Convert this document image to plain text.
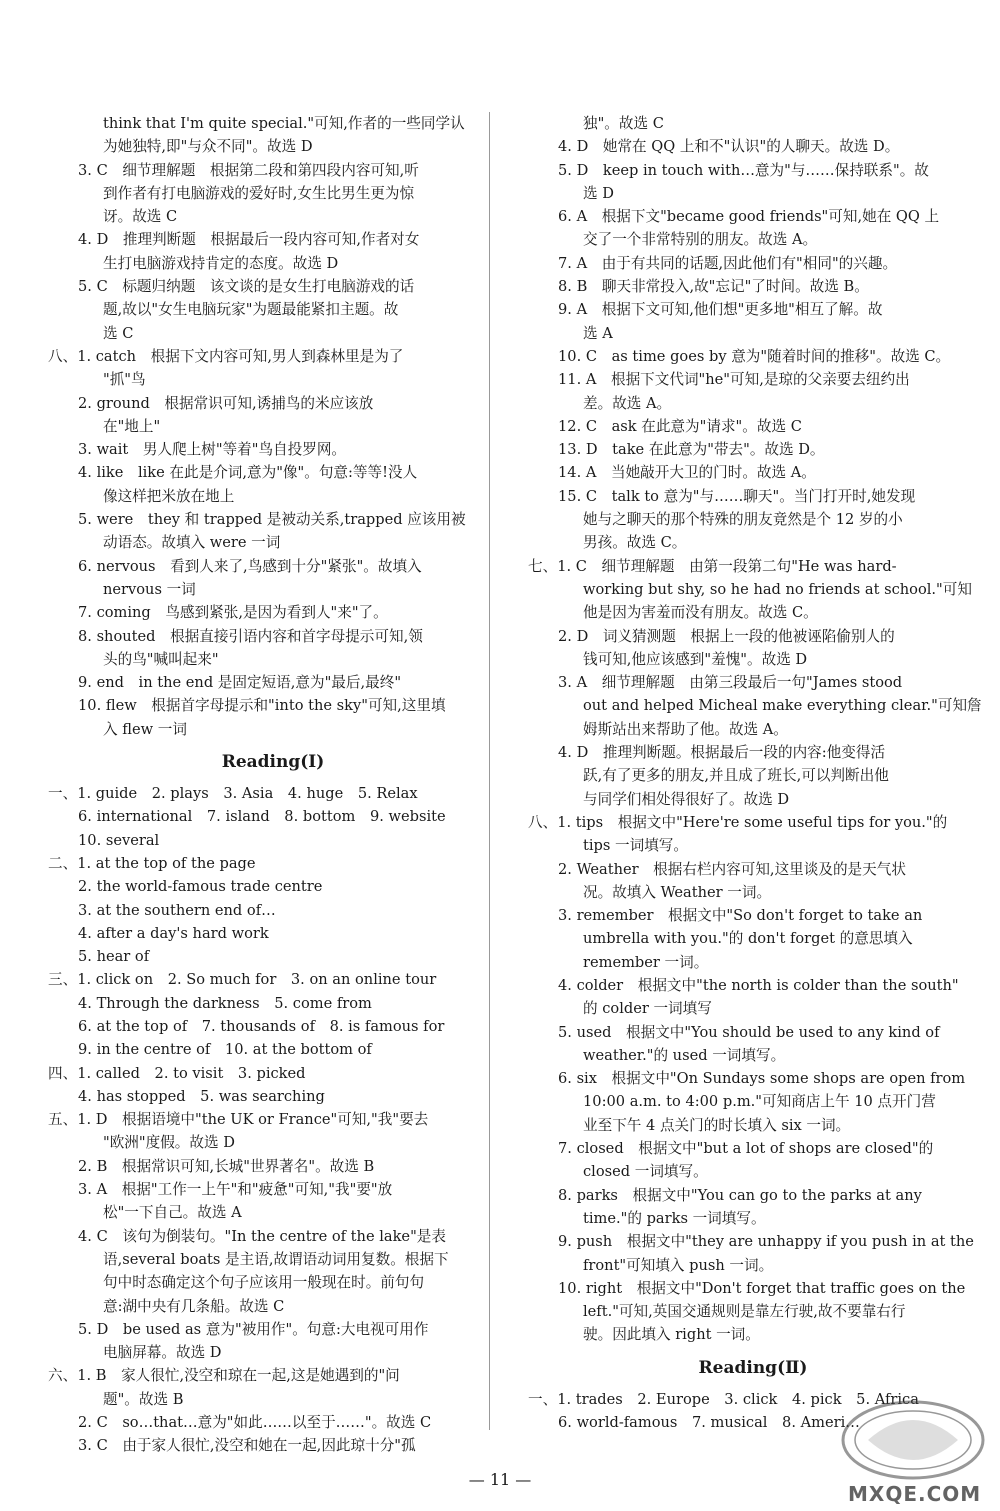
think that I'm quite special."可知,作者的一些同学认
为她独特,即"与众不同"。故选 D
3. C　细节理解题　根据第二段和第四段内容可知,听
到作者有打电脑游戏的爱好时,女生比男生更为惊
讶。故选 C
4. D　推理判断题　根据最后一段内容可知,作者对女
生打电脑游戏持肯定的态度。故选 D
5. C　标题归纳题　该文谈的是女生打电脑游戏的话
题,故以"女生电脑玩家"为题最能紧扣主题。故
选 C
八、1. catch　根据下文内容可知,男人到森林里是为了
"抓"鸟
2. ground　根据常识可知,诱捕鸟的米应该放
在"地上"
3. wait　男人爬上树"等着"鸟自投罗网。
4. like　like 在此是介词,意为"像"。句意:等等!没人
像这样把米放在地上
5. were　they 和 trapped 是被动关系,trapped 应该用被
动语态。故填入 were 一词
6. nervous　看到人来了,鸟感到十分"紧张"。故填入
nervous 一词
7. coming　鸟感到紧张,是因为看到人"来"了。
8. shouted　根据直接引语内容和首字母提示可知,领
头的鸟"喊叫起来"
9. end　in the end 是固定短语,意为"最后,最终"
10. flew　根据首字母提示和"into the sky"可知,这里填
入 flew 一词
Reading(Ⅰ)
一、1. guide　2. plays　3. Asia　4. huge　5. Relax
6. international　7. island　8. bottom　9. website
10. several
二、1. at the top of the page
2. the world-famous trade centre
3. at the southern end of…
4. after a day's hard work
5. hear of
三、1. click on　2. So much for　3. on an online tour
4. Through the darkness　5. come from
6. at the top of　7. thousands of　8. is famous for
9. in the centre of　10. at the bottom of
四、1. called　2. to visit　3. picked
4. has stopped　5. was searching
五、1. D　根据语境中"the UK or France"可知,"我"要去
"欧洲"度假。故选 D
2. B　根据常识可知,长城"世界著名"。故选 B
3. A　根据"工作一上午"和"疲惫"可知,"我"要"放
松"一下自己。故选 A
4. C　该句为倒装句。"In the centre of the lake"是表
语,several boats 是主语,故谓语动词用复数。根据下
句中时态确定这个句子应该用一般现在时。前句句
意:湖中央有几条船。故选 C
5. D　be used as 意为"被用作"。句意:大电视可用作
电脑屏幕。故选 D
六、1. B　家人很忙,没空和琼在一起,这是她遇到的"问
题"。故选 B
2. C　so…that…意为"如此……以至于……"。故选 C
3. C　由于家人很忙,没空和她在一起,因此琼十分"孤
独"。故选 C
4. D　她常在 QQ 上和不"认识"的人聊天。故选 D。
5. D　keep in touch with…意为"与……保持联系"。故
选 D
6. A　根据下文"became good friends"可知,她在 QQ 上
交了一个非常特别的朋友。故选 A。
7. A　由于有共同的话题,因此他们有"相同"的兴趣。
8. B　聊天非常投入,故"忘记"了时间。故选 B。
9. A　根据下文可知,他们想"更多地"相互了解。故
选 A
10. C　as time goes by 意为"随着时间的推移"。故选 C。
11. A　根据下文代词"he"可知,是琼的父亲要去纽约出
差。故选 A。
12. C　ask 在此意为"请求"。故选 C
13. D　take 在此意为"带去"。故选 D。
14. A　当她敲开大卫的门时。故选 A。
15. C　talk to 意为"与……聊天"。当门打开时,她发现
她与之聊天的那个特殊的朋友竟然是个 12 岁的小
男孩。故选 C。
七、1. C　细节理解题　由第一段第二句"He was hard-
working but shy, so he had no friends at school."可知
他是因为害羞而没有朋友。故选 C。
2. D　词义猜测题　根据上一段的他被诬陷偷别人的
钱可知,他应该感到"羞愧"。故选 D
3. A　细节理解题　由第三段最后一句"James stood
out and helped Micheal make everything clear."可知詹
姆斯站出来帮助了他。故选 A。
4. D　推理判断题。根据最后一段的内容:他变得活
跃,有了更多的朋友,并且成了班长,可以判断出他
与同学们相处得很好了。故选 D
八、1. tips　根据文中"Here're some useful tips for you."的
tips 一词填写。
2. Weather　根据右栏内容可知,这里谈及的是天气状
况。故填入 Weather 一词。
3. remember　根据文中"So don't forget to take an
umbrella with you."的 don't forget 的意思填入
remember 一词。
4. colder　根据文中"the north is colder than the south"
的 colder 一词填写
5. used　根据文中"You should be used to any kind of
weather."的 used 一词填写。
6. six　根据文中"On Sundays some shops are open from
10:00 a.m. to 4:00 p.m."可知商店上午 10 点开门营
业至下午 4 点关门的时长填入 six 一词。
7. closed　根据文中"but a lot of shops are closed"的
closed 一词填写。
8. parks　根据文中"You can go to the parks at any
time."的 parks 一词填写。
9. push　根据文中"they are unhappy if you push in at the
front"可知填入 push 一词。
10. right　根据文中"Don't forget that traffic goes on the
left."可知,英国交通规则是靠左行驶,故不要靠右行
驶。因此填入 right 一词。
Reading(Ⅱ)
一、1. trades　2. Europe　3. click　4. pick　5. Africa
6. world-famous　7. musical　8. Ameri…
— 11 —
MXQE.COM
